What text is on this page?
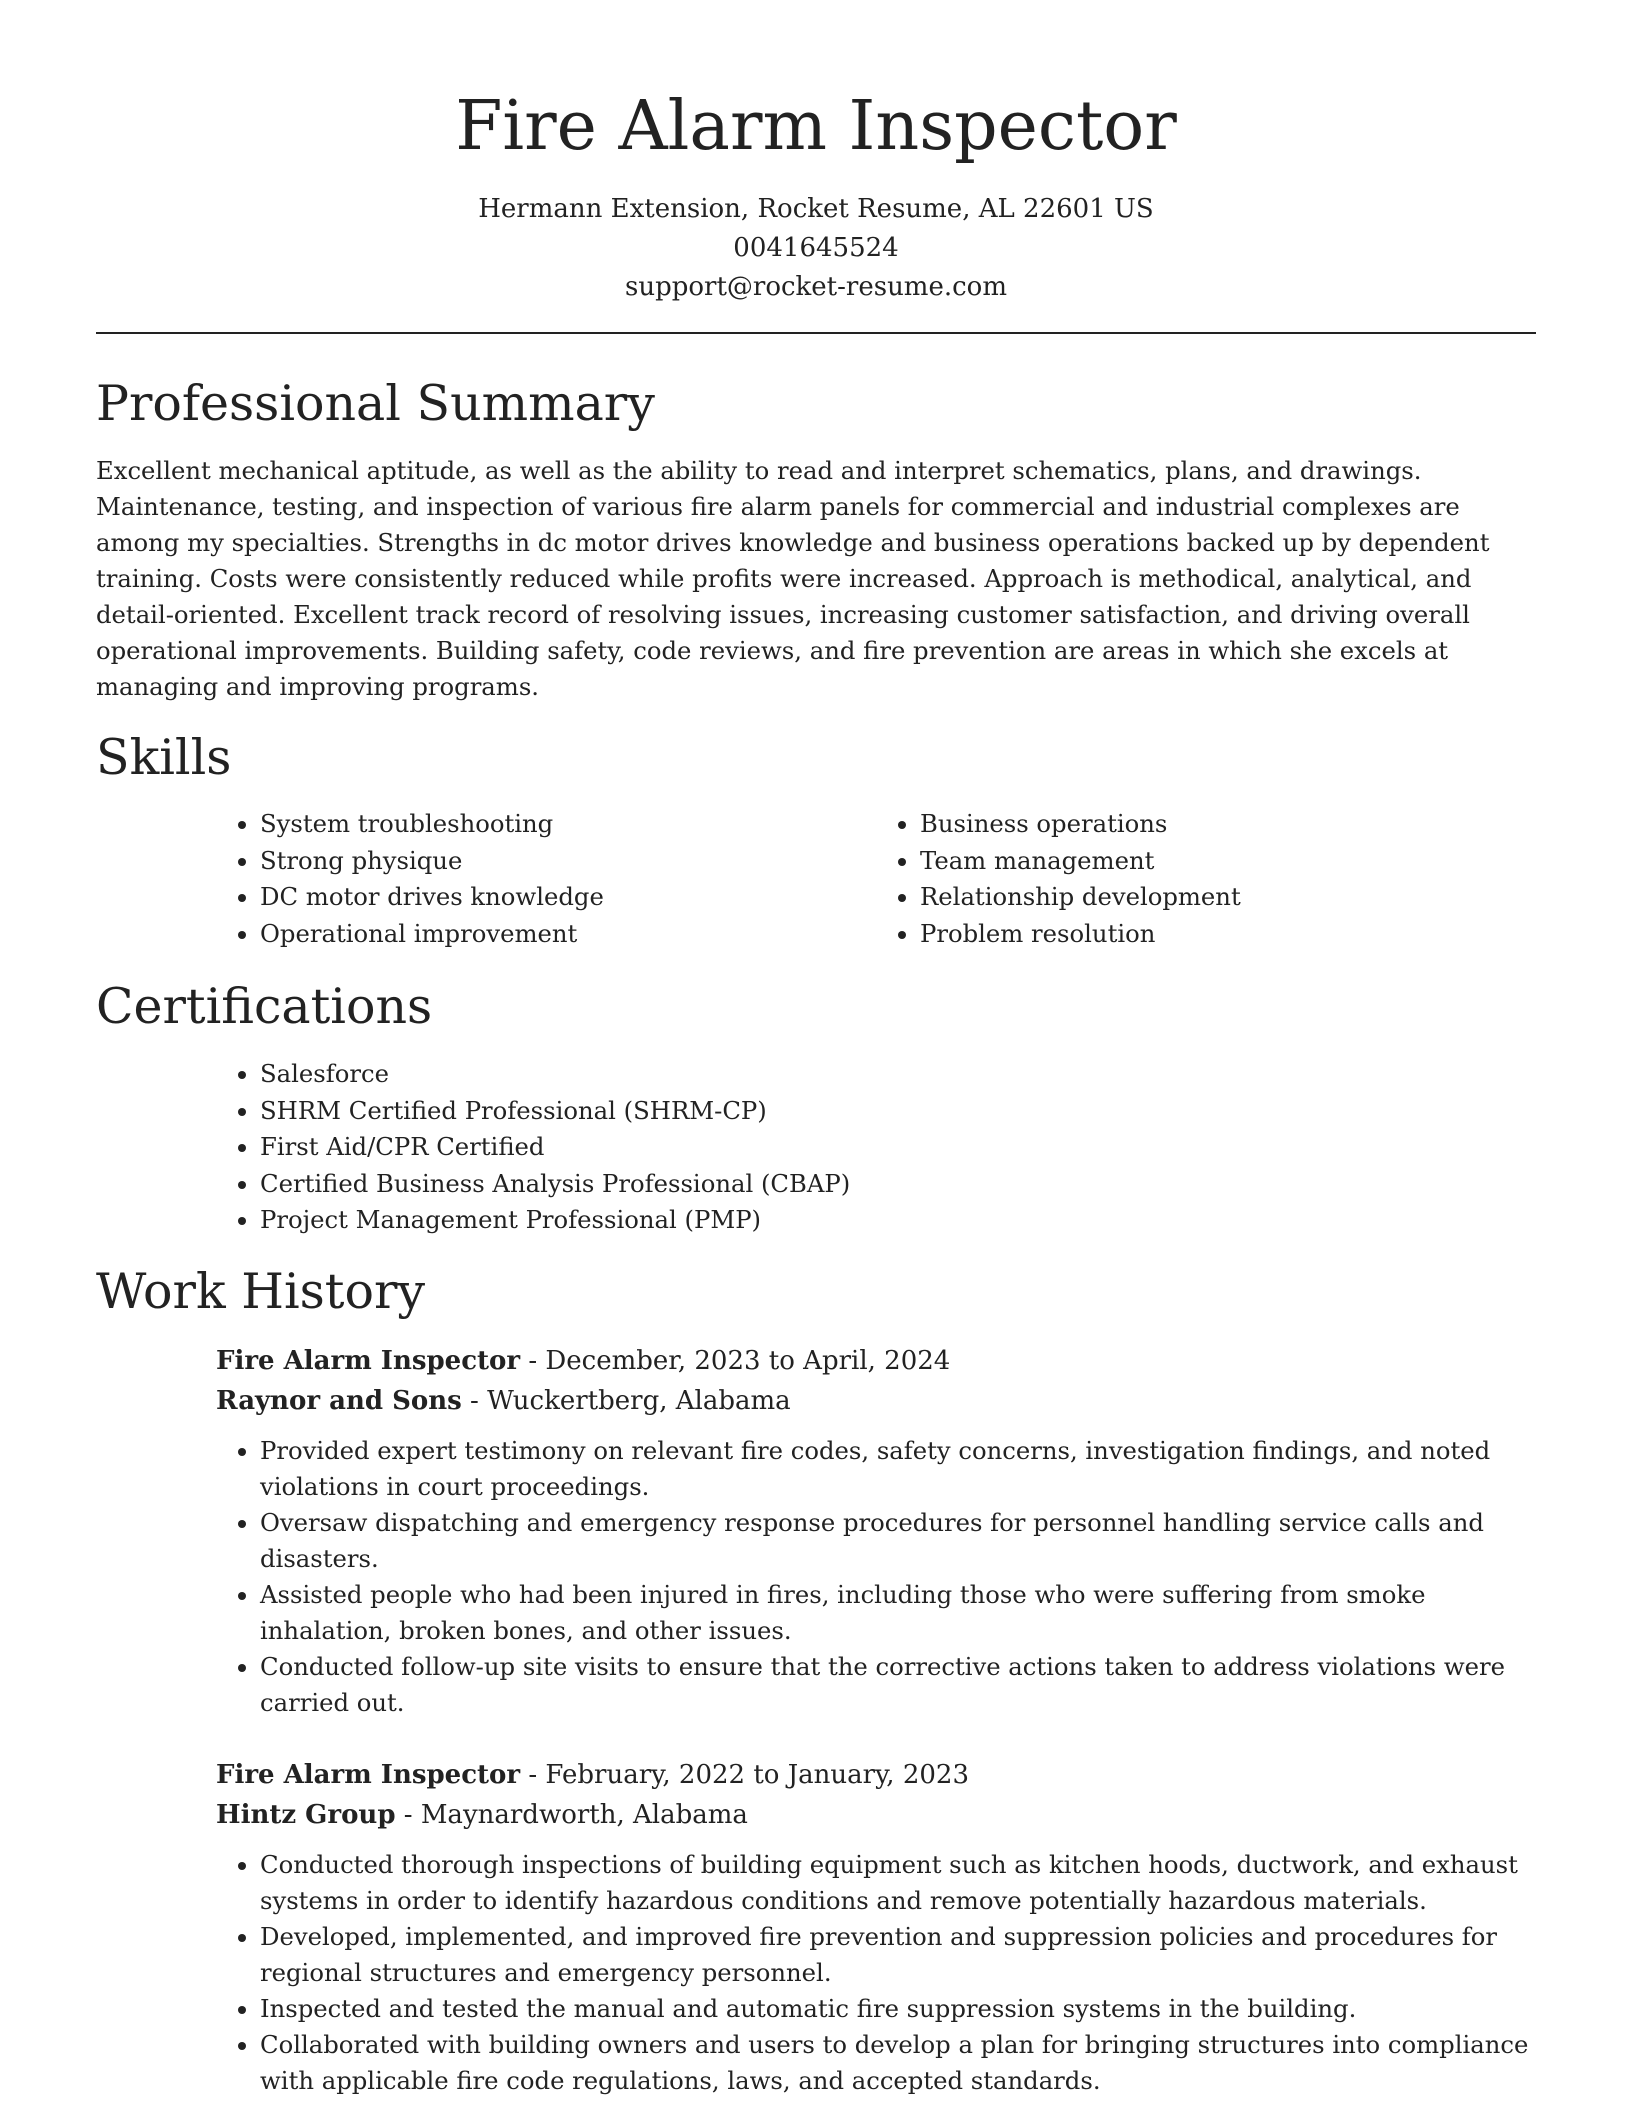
Fire Alarm Inspector
Hermann Extension, Rocket Resume, AL 22601 US
0041645524
support@rocket-resume.com
Professional Summary

Excellent mechanical aptitude, as well as the ability to read and interpret schematics, plans, and drawings. Maintenance, testing, and inspection of various fire alarm panels for commercial and industrial complexes are among my specialties. Strengths in dc motor drives knowledge and business operations backed up by dependent training. Costs were consistently reduced while profits were increased. Approach is methodical, analytical, and detail-oriented. Excellent track record of resolving issues, increasing customer satisfaction, and driving overall operational improvements. Building safety, code reviews, and fire prevention are areas in which she excels at managing and improving programs.

Skills
• System troubleshooting
• Strong physique
• DC motor drives knowledge
• Operational improvement
• Business operations
• Team management
• Relationship development
• Problem resolution
Certifications
• Salesforce
• SHRM Certified Professional (SHRM-CP)
• First Aid/CPR Certified
• Certified Business Analysis Professional (CBAP)
• Project Management Professional (PMP)
Work History
Fire Alarm Inspector - December, 2023 to April, 2024
Raynor and Sons - Wuckertberg, Alabama
• Provided expert testimony on relevant fire codes, safety concerns, investigation findings, and noted violations in court proceedings.
• Oversaw dispatching and emergency response procedures for personnel handling service calls and disasters.
• Assisted people who had been injured in fires, including those who were suffering from smoke inhalation, broken bones, and other issues.
• Conducted follow-up site visits to ensure that the corrective actions taken to address violations were carried out.
Fire Alarm Inspector - February, 2022 to January, 2023
Hintz Group - Maynardworth, Alabama
• Conducted thorough inspections of building equipment such as kitchen hoods, ductwork, and exhaust systems in order to identify hazardous conditions and remove potentially hazardous materials.
• Developed, implemented, and improved fire prevention and suppression policies and procedures for regional structures and emergency personnel.
• Inspected and tested the manual and automatic fire suppression systems in the building.
• Collaborated with building owners and users to develop a plan for bringing structures into compliance with applicable fire code regulations, laws, and accepted standards.
